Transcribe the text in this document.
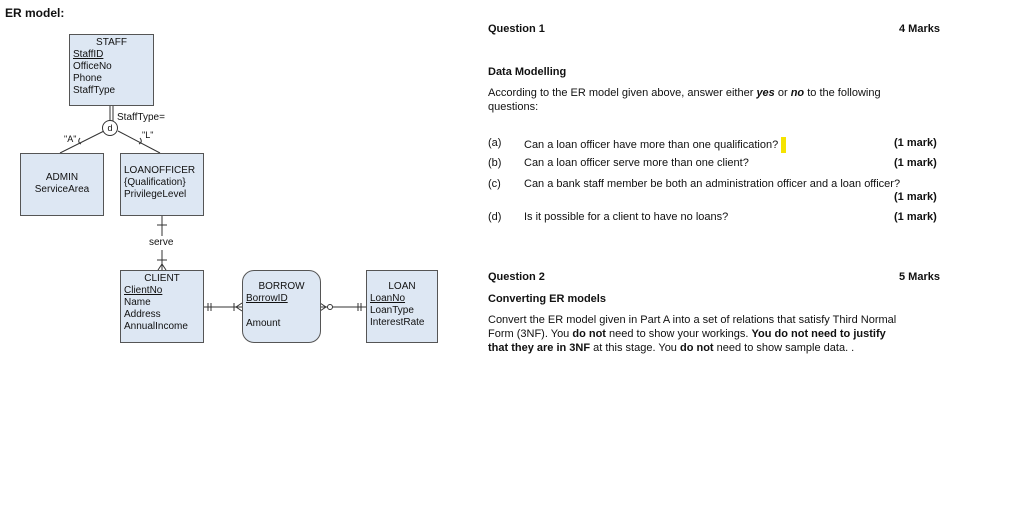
ER model:
STAFF
StaffID
OfficeNo
Phone
StaffType
d
StaffType=
"A"	"L"
ADMIN
ServiceArea
LOANOFFICER
{Qualification}
PrivilegeLevel
serve
CLIENT
ClientNo
Name
Address
AnnualIncome
BORROW
BorrowID
Amount
LOAN
LoanNo
LoanType
InterestRate
Question 1	4 Marks
Data Modelling
According to the ER model given above, answer either yes or no to the following
questions:
(a) Can a loan officer have more than one qualification?	(1 mark)
(b) Can a loan officer serve more than one client?	(1 mark)
(c) Can a bank staff member be both an administration officer and a loan officer?
(1 mark)
(d) Is it possible for a client to have no loans?	(1 mark)
Question 2	5 Marks
Converting ER models
Convert the ER model given in Part A into a set of relations that satisfy Third Normal
Form (3NF). You do not need to show your workings. You do not need to justify
that they are in 3NF at this stage. You do not need to show sample data. .
